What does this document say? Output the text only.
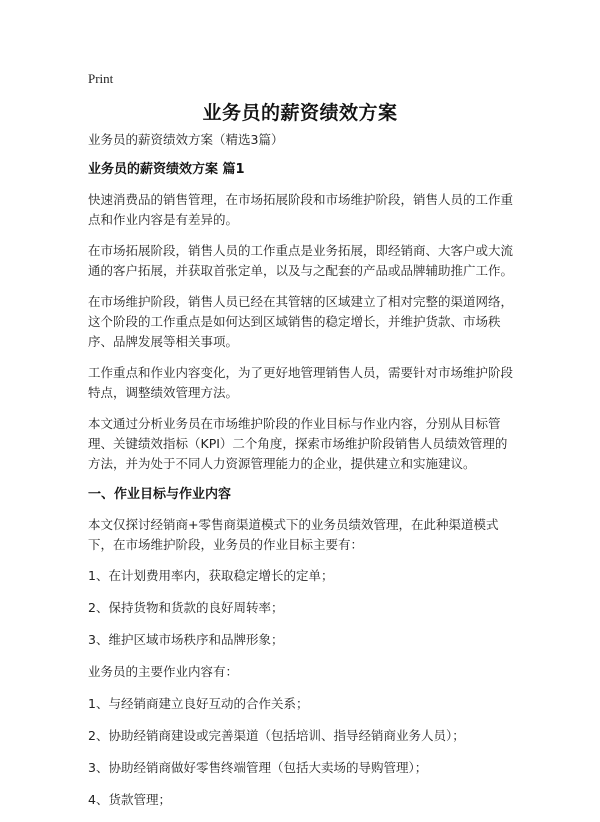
Print
业务员的薪资绩效方案

业务员的薪资绩效方案（精选3篇）

业务员的薪资绩效方案 篇1

快速消费品的销售管理，在市场拓展阶段和市场维护阶段，销售人员的工作重点和作业内容是有差异的。

在市场拓展阶段，销售人员的工作重点是业务拓展，即经销商、大客户或大流通的客户拓展，并获取首张定单，以及与之配套的产品或品牌辅助推广工作。

在市场维护阶段，销售人员已经在其管辖的区域建立了相对完整的渠道网络，这个阶段的工作重点是如何达到区域销售的稳定增长，并维护货款、市场秩序、品牌发展等相关事项。

工作重点和作业内容变化，为了更好地管理销售人员，需要针对市场维护阶段特点，调整绩效管理方法。

本文通过分析业务员在市场维护阶段的作业目标与作业内容，分别从目标管理、关键绩效指标（KPI）二个角度，探索市场维护阶段销售人员绩效管理的方法，并为处于不同人力资源管理能力的企业，提供建立和实施建议。

一、作业目标与作业内容

本文仅探讨经销商+零售商渠道模式下的业务员绩效管理，在此种渠道模式下，在市场维护阶段，业务员的作业目标主要有：

1、在计划费用率内，获取稳定增长的定单；

2、保持货物和货款的良好周转率；

3、维护区域市场秩序和品牌形象；

业务员的主要作业内容有：

1、与经销商建立良好互动的合作关系；

2、协助经销商建设或完善渠道（包括培训、指导经销商业务人员）；

3、协助经销商做好零售终端管理（包括大卖场的导购管理）；

4、货款管理；
